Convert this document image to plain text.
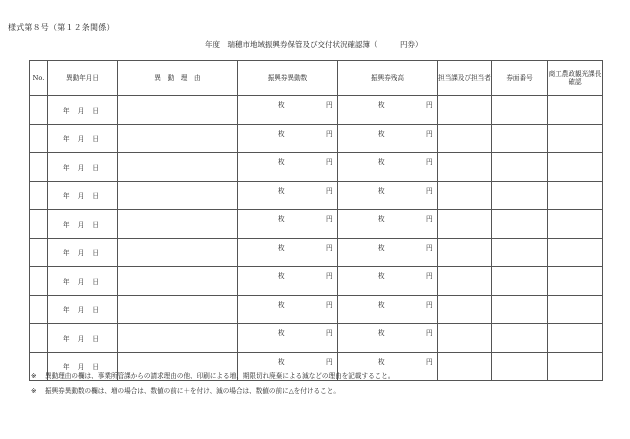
様式第８号（第１２条関係）
年度　瑞穂市地域振興券保管及び交付状況確認簿（　　　円券）
No.	異動年月日	異　動　理　由	振興券異動数	振興券残高	担当課及び担当者	券面番号	商工農政観光課長確認
	年 月 日		枚 円	枚 円			

	年 月 日		枚 円	枚 円			

	年 月 日		枚 円	枚 円			

	年 月 日		枚 円	枚 円			

	年 月 日		枚 円	枚 円			

	年 月 日		枚 円	枚 円			

	年 月 日		枚 円	枚 円			

	年 月 日		枚 円	枚 円			

	年 月 日		枚 円	枚 円			

	年 月 日		枚 円	枚 円			

※ 異動理由の欄は、事業所管課からの請求理由の他、印刷による増、期限切れ廃棄による減などの理由を記載すること。
※ 振興券異動数の欄は、増の場合は、数値の前に＋を付け、減の場合は、数値の前に△を付けること。
